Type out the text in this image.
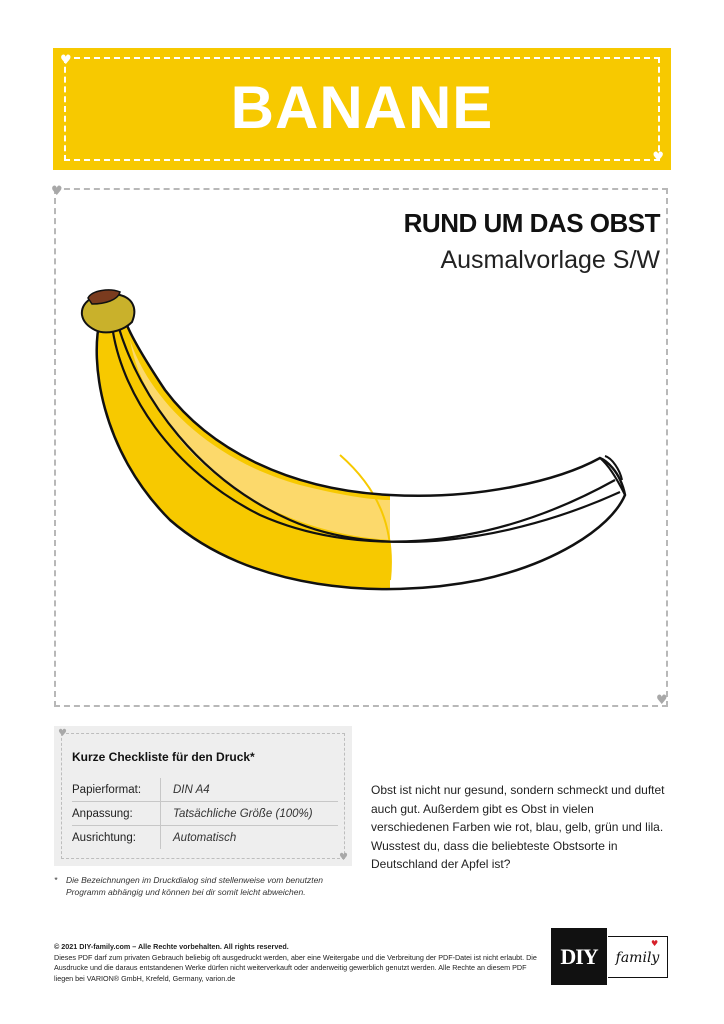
♥
♥
BANANE
♥
♥
RUND UM DAS OBST
Ausmalvorlage S/W
♥
♥
Kurze Checkliste für den Druck*
Papierformat:	DIN A4
Anpassung:	Tatsächliche Größe (100%)
Ausrichtung:	Automatisch
*	Die Bezeichnungen im Druckdialog sind stellenweise vom benutzten Programm abhängig und können bei dir somit leicht abweichen.
Obst ist nicht nur gesund, sondern schmeckt und duftet auch gut. Außerdem gibt es Obst in vielen verschiedenen Farben wie rot, blau, gelb, grün und lila. Wusstest du, dass die beliebteste Obstsorte in Deutschland der Apfel ist?
© 2021 DIY-family.com – Alle Rechte vorbehalten. All rights reserved.
Dieses PDF darf zum privaten Gebrauch beliebig oft ausgedruckt werden, aber eine Weitergabe und die Verbreitung der PDF-Datei ist nicht erlaubt. Die Ausdrucke und die daraus entstandenen Werke dürfen nicht weiterverkauft oder anderweitig gewerblich genutzt werden. Alle Rechte an diesem PDF liegen bei VARION® GmbH, Krefeld, Germany, varion.de
DIY	family
♥
